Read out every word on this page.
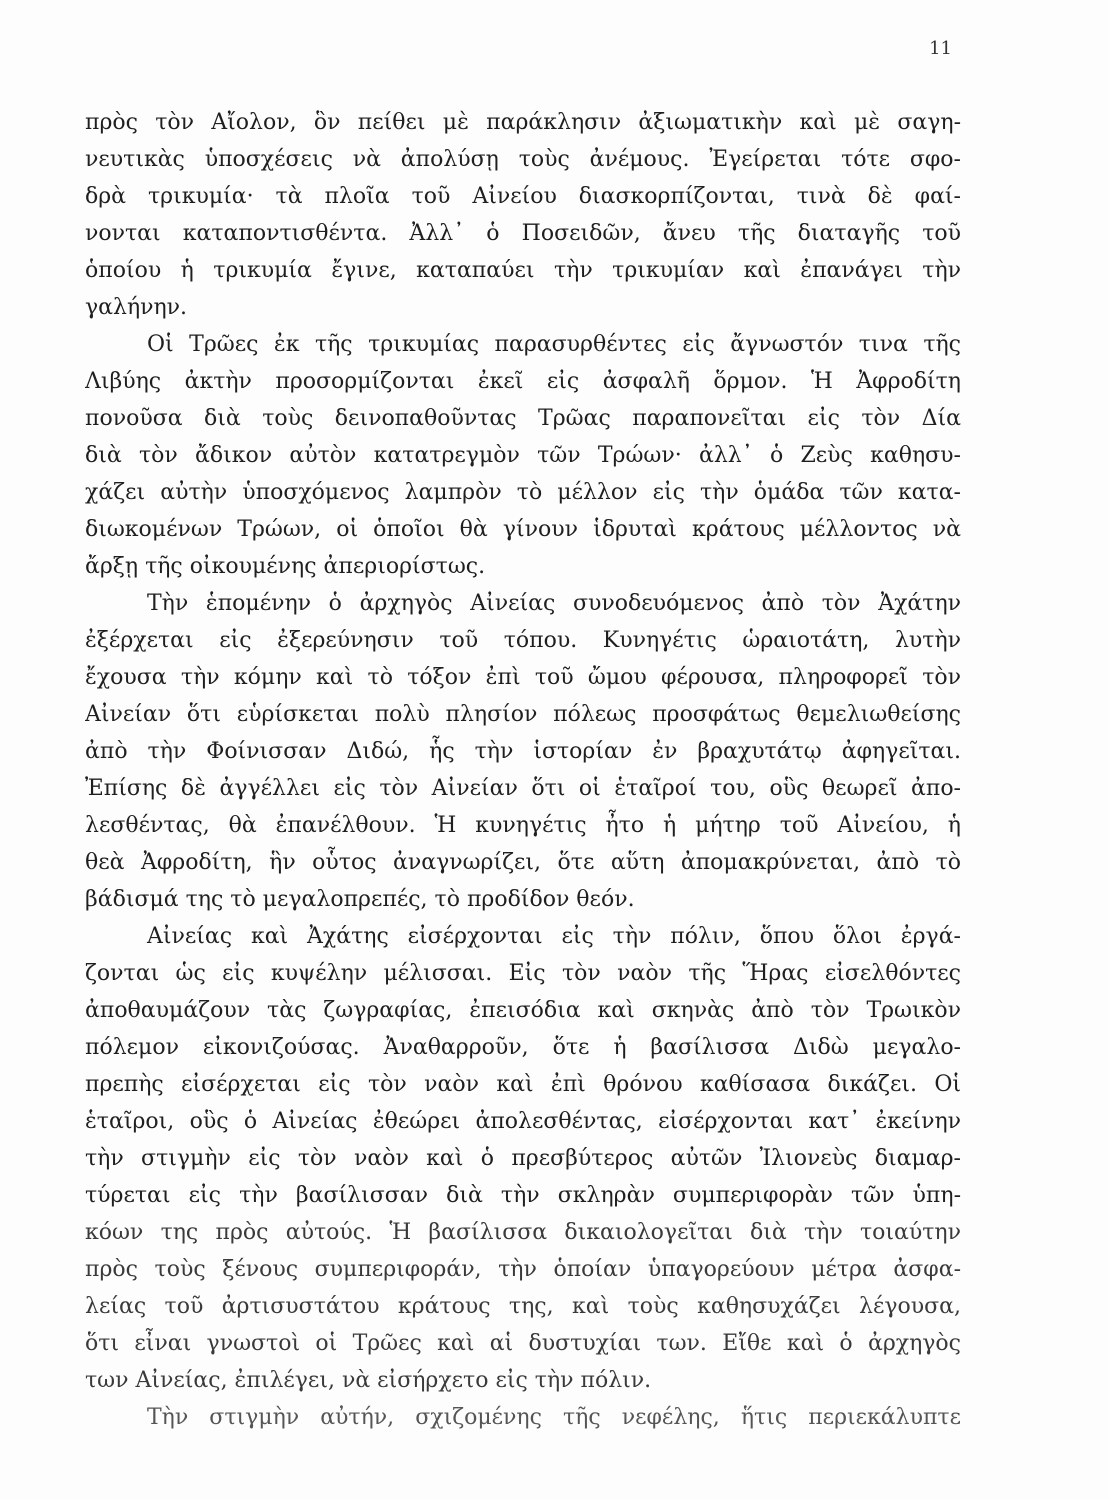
11
πρὸς τὸν Αἴολον, ὃν πείθει μὲ παράκλησιν ἀξιωματικὴν καὶ μὲ σαγη-
νευτικὰς ὑποσχέσεις νὰ ἀπολύσῃ τοὺς ἀνέμους. Ἐγείρεται τότε σφο-
δρὰ τρικυμία· τὰ πλοῖα τοῦ Αἰνείου διασκορπίζονται, τινὰ δὲ φαί-
νονται καταποντισθέντα. Ἀλλ᾽ ὁ Ποσειδῶν, ἄνευ τῆς διαταγῆς τοῦ
ὁποίου ἡ τρικυμία ἔγινε, καταπαύει τὴν τρικυμίαν καὶ ἐπανάγει τὴν
γαλήνην.
Οἱ Τρῶες ἐκ τῆς τρικυμίας παρασυρθέντες εἰς ἄγνωστόν τινα τῆς
Λιβύης ἀκτὴν προσορμίζονται ἐκεῖ εἰς ἀσφαλῆ ὅρμον. Ἡ Ἀφροδίτη
πονοῦσα διὰ τοὺς δεινοπαθοῦντας Τρῶας παραπονεῖται εἰς τὸν Δία
διὰ τὸν ἄδικον αὐτὸν κατατρεγμὸν τῶν Τρώων· ἀλλ᾽ ὁ Ζεὺς καθησυ-
χάζει αὐτὴν ὑποσχόμενος λαμπρὸν τὸ μέλλον εἰς τὴν ὁμάδα τῶν κατα-
διωκομένων Τρώων, οἱ ὁποῖοι θὰ γίνουν ἱδρυταὶ κράτους μέλλοντος νὰ
ἄρξῃ τῆς οἰκουμένης ἀπεριορίστως.
Τὴν ἑπομένην ὁ ἀρχηγὸς Αἰνείας συνοδευόμενος ἀπὸ τὸν Ἀχάτην
ἐξέρχεται εἰς ἐξερεύνησιν τοῦ τόπου. Κυνηγέτις ὡραιοτάτη, λυτὴν
ἔχουσα τὴν κόμην καὶ τὸ τόξον ἐπὶ τοῦ ὤμου φέρουσα, πληροφορεῖ τὸν
Αἰνείαν ὅτι εὑρίσκεται πολὺ πλησίον πόλεως προσφάτως θεμελιωθείσης
ἀπὸ τὴν Φοίνισσαν Διδώ, ἧς τὴν ἱστορίαν ἐν βραχυτάτῳ ἀφηγεῖται.
Ἐπίσης δὲ ἀγγέλλει εἰς τὸν Αἰνείαν ὅτι οἱ ἑταῖροί του, οὓς θεωρεῖ ἀπο-
λεσθέντας, θὰ ἐπανέλθουν. Ἡ κυνηγέτις ἦτο ἡ μήτηρ τοῦ Αἰνείου, ἡ
θεὰ Ἀφροδίτη, ἣν οὗτος ἀναγνωρίζει, ὅτε αὕτη ἀπομακρύνεται, ἀπὸ τὸ
βάδισμά της τὸ μεγαλοπρεπές, τὸ προδίδον θεόν.
Αἰνείας καὶ Ἀχάτης εἰσέρχονται εἰς τὴν πόλιν, ὅπου ὅλοι ἐργά-
ζονται ὡς εἰς κυψέλην μέλισσαι. Εἰς τὸν ναὸν τῆς Ἥρας εἰσελθόντες
ἀποθαυμάζουν τὰς ζωγραφίας, ἐπεισόδια καὶ σκηνὰς ἀπὸ τὸν Τρωικὸν
πόλεμον εἰκονιζούσας. Ἀναθαρροῦν, ὅτε ἡ βασίλισσα Διδὼ μεγαλο-
πρεπὴς εἰσέρχεται εἰς τὸν ναὸν καὶ ἐπὶ θρόνου καθίσασα δικάζει. Οἱ
ἑταῖροι, οὓς ὁ Αἰνείας ἐθεώρει ἀπολεσθέντας, εἰσέρχονται κατ᾽ ἐκείνην
τὴν στιγμὴν εἰς τὸν ναὸν καὶ ὁ πρεσβύτερος αὐτῶν Ἰλιονεὺς διαμαρ-
τύρεται εἰς τὴν βασίλισσαν διὰ τὴν σκληρὰν συμπεριφορὰν τῶν ὑπη-
κόων της πρὸς αὐτούς. Ἡ βασίλισσα δικαιολογεῖται διὰ τὴν τοιαύτην
πρὸς τοὺς ξένους συμπεριφοράν, τὴν ὁποίαν ὑπαγορεύουν μέτρα ἀσφα-
λείας τοῦ ἀρτισυστάτου κράτους της, καὶ τοὺς καθησυχάζει λέγουσα,
ὅτι εἶναι γνωστοὶ οἱ Τρῶες καὶ αἱ δυστυχίαι των. Εἴθε καὶ ὁ ἀρχηγὸς
των Αἰνείας, ἐπιλέγει, νὰ εἰσήρχετο εἰς τὴν πόλιν.
Τὴν στιγμὴν αὐτήν, σχιζομένης τῆς νεφέλης, ἥτις περιεκάλυπτε
